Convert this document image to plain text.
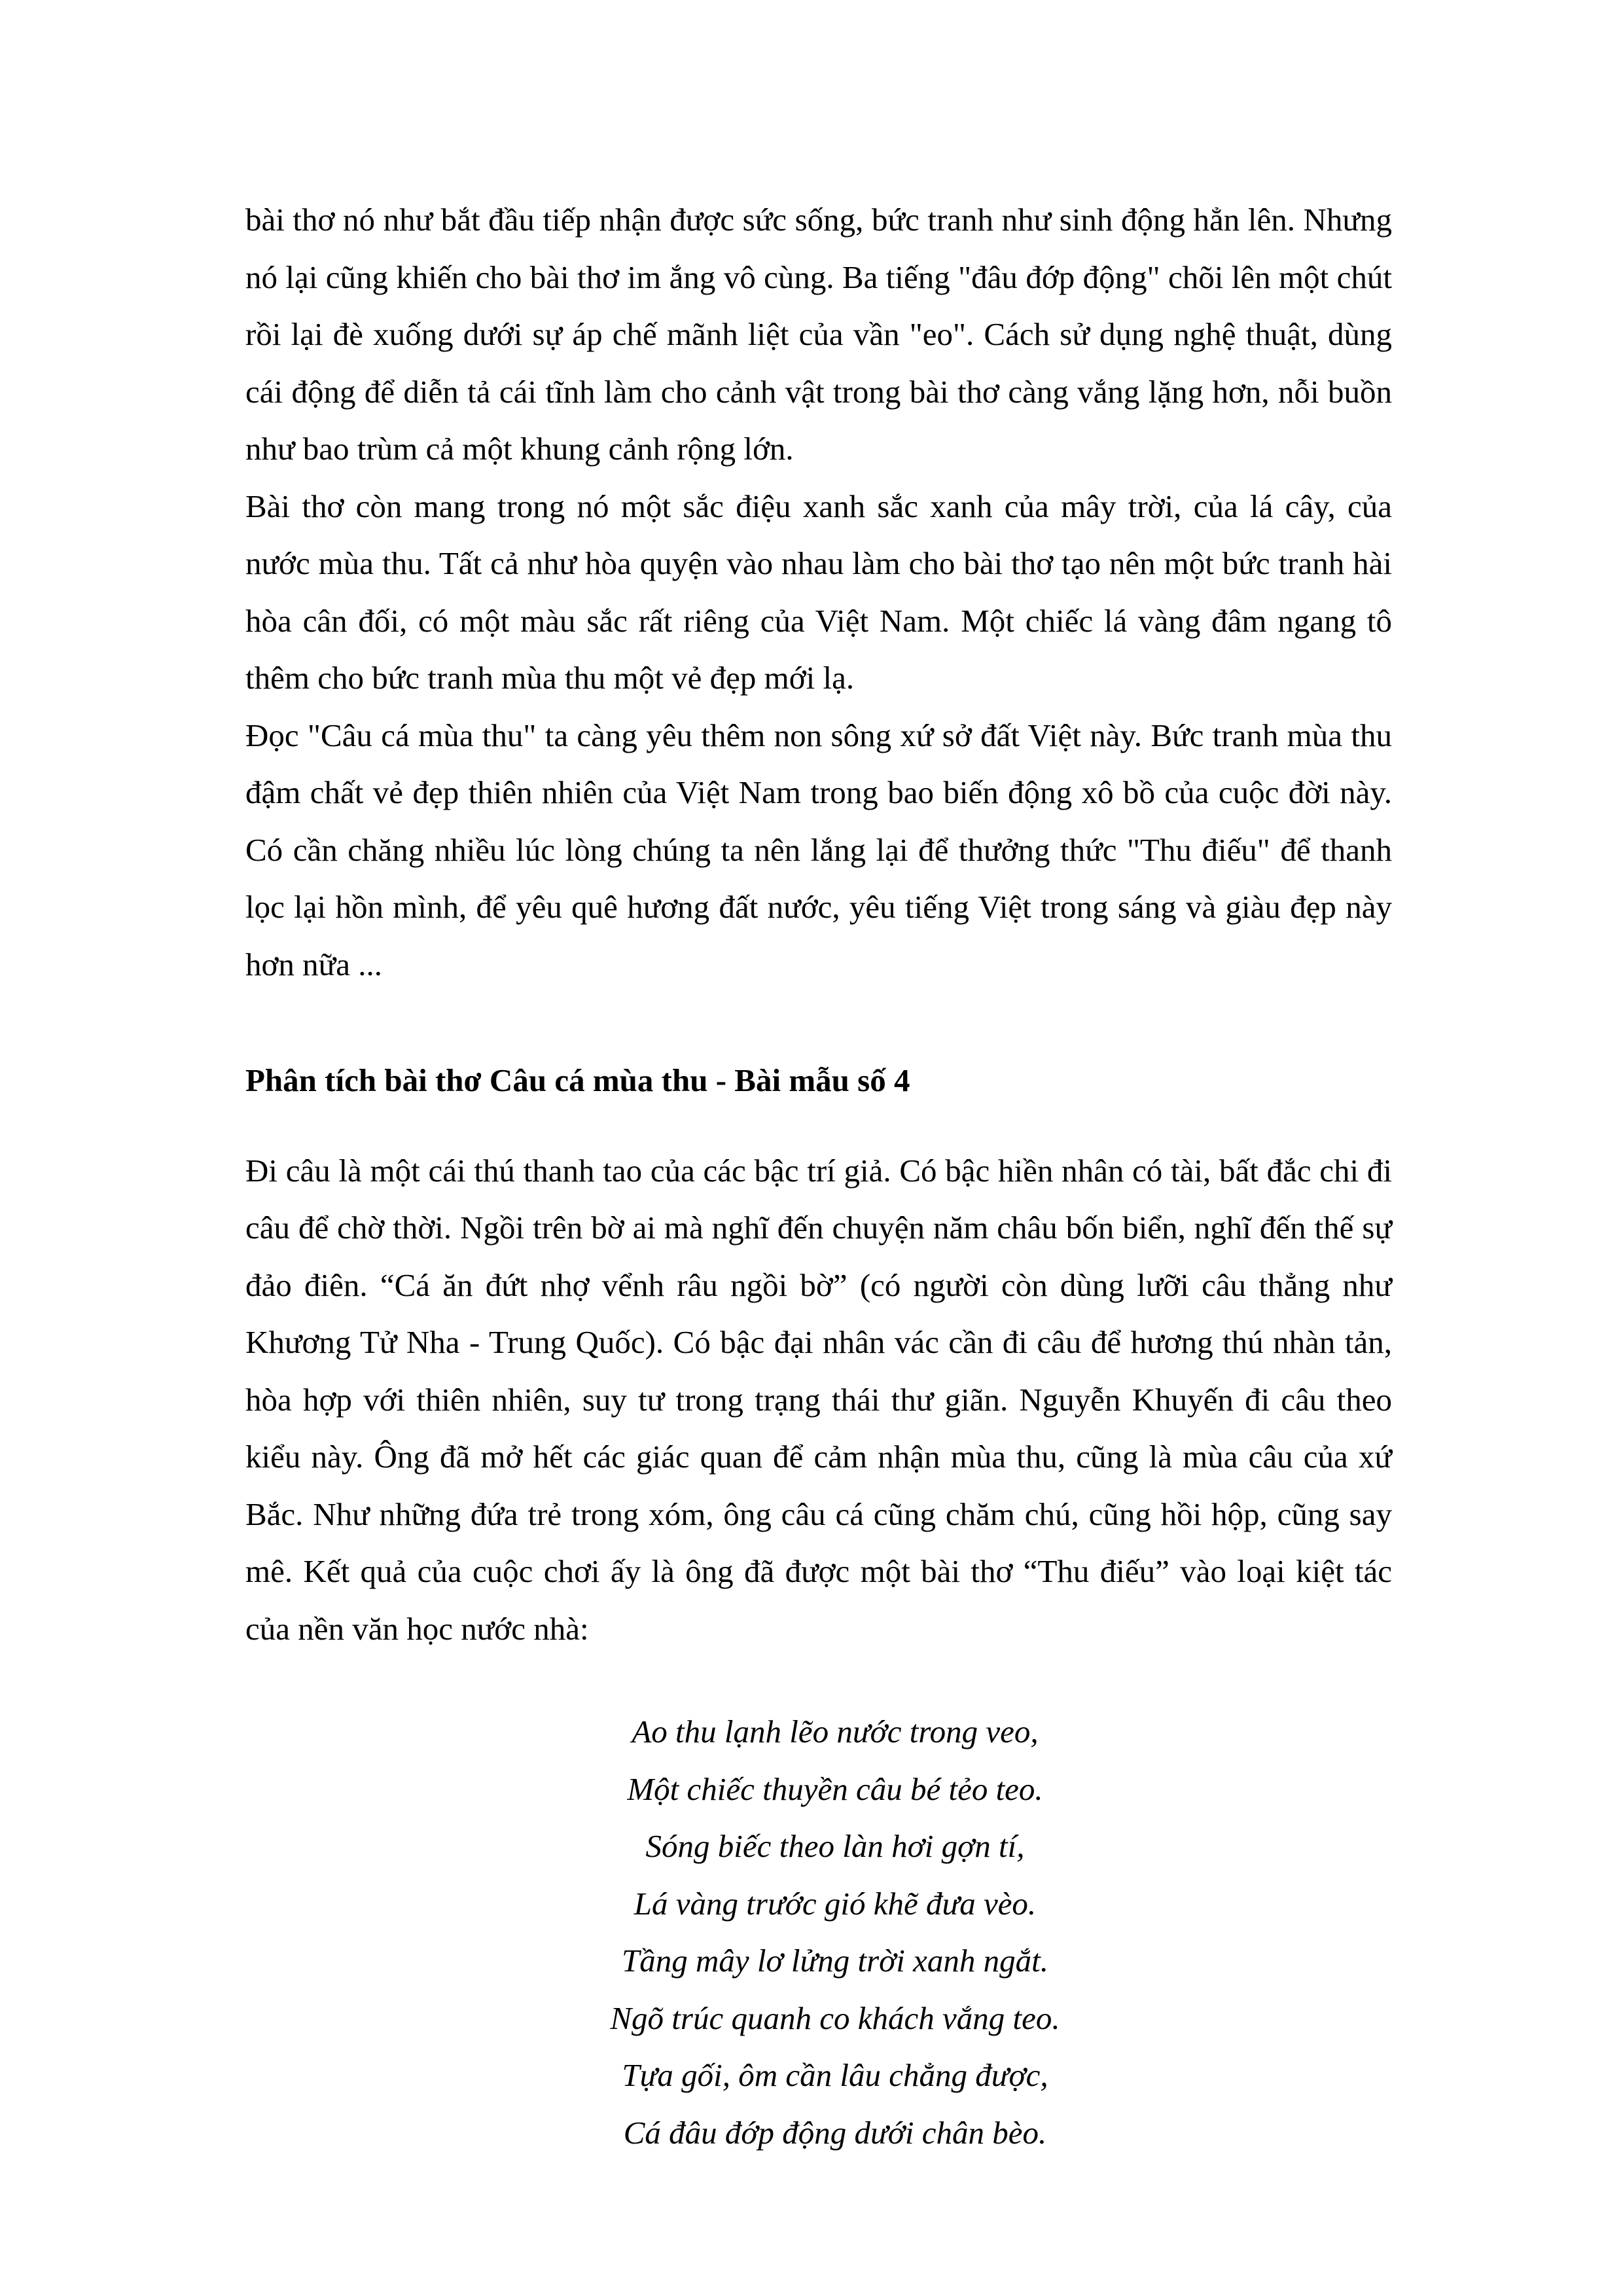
bài thơ nó như bắt đầu tiếp nhận được sức sống, bức tranh như sinh động hẳn lên. Nhưng nó lại cũng khiến cho bài thơ im ắng vô cùng. Ba tiếng "đâu đớp động" chõi lên một chút rồi lại đè xuống dưới sự áp chế mãnh liệt của vần "eo". Cách sử dụng nghệ thuật, dùng cái động để diễn tả cái tĩnh làm cho cảnh vật trong bài thơ càng vắng lặng hơn, nỗi buồn như bao trùm cả một khung cảnh rộng lớn.

Bài thơ còn mang trong nó một sắc điệu xanh sắc xanh của mây trời, của lá cây, của nước mùa thu. Tất cả như hòa quyện vào nhau làm cho bài thơ tạo nên một bức tranh hài hòa cân đối, có một màu sắc rất riêng của Việt Nam. Một chiếc lá vàng đâm ngang tô thêm cho bức tranh mùa thu một vẻ đẹp mới lạ.

Đọc "Câu cá mùa thu" ta càng yêu thêm non sông xứ sở đất Việt này. Bức tranh mùa thu đậm chất vẻ đẹp thiên nhiên của Việt Nam trong bao biến động xô bồ của cuộc đời này. Có cần chăng nhiều lúc lòng chúng ta nên lắng lại để thưởng thức "Thu điếu" để thanh lọc lại hồn mình, để yêu quê hương đất nước, yêu tiếng Việt trong sáng và giàu đẹp này hơn nữa ...

Phân tích bài thơ Câu cá mùa thu - Bài mẫu số 4

Đi câu là một cái thú thanh tao của các bậc trí giả. Có bậc hiền nhân có tài, bất đắc chi đi câu để chờ thời. Ngồi trên bờ ai mà nghĩ đến chuyện năm châu bốn biển, nghĩ đến thế sự đảo điên. “Cá ăn đứt nhợ vểnh râu ngồi bờ” (có người còn dùng lưỡi câu thẳng như Khương Tử Nha - Trung Quốc). Có bậc đại nhân vác cần đi câu để hương thú nhàn tản, hòa hợp với thiên nhiên, suy tư trong trạng thái thư giãn. Nguyễn Khuyến đi câu theo kiểu này. Ông đã mở hết các giác quan để cảm nhận mùa thu, cũng là mùa câu của xứ Bắc. Như những đứa trẻ trong xóm, ông câu cá cũng chăm chú, cũng hồi hộp, cũng say mê. Kết quả của cuộc chơi ấy là ông đã được một bài thơ “Thu điếu” vào loại kiệt tác của nền văn học nước nhà:

Ao thu lạnh lẽo nước trong veo,
Một chiếc thuyền câu bé tẻo teo.
Sóng biếc theo làn hơi gợn tí,
Lá vàng trước gió khẽ đưa vèo.
Tầng mây lơ lửng trời xanh ngắt.
Ngõ trúc quanh co khách vắng teo.
Tựa gối, ôm cần lâu chẳng được,
Cá đâu đớp động dưới chân bèo.
